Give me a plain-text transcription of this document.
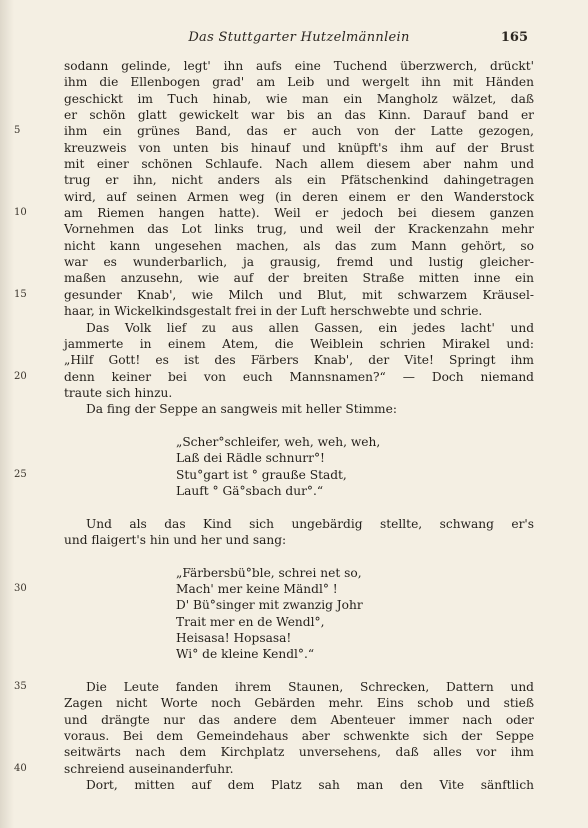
Das Stuttgarter Hutzelmännlein	165
sodann gelinde, legt' ihn aufs eine Tuchend überzwerch, drückt'
ihm die Ellenbogen grad' am Leib und wergelt ihn mit Händen
geschickt im Tuch hinab, wie man ein Mangholz wälzet, daß
er schön glatt gewickelt war bis an das Kinn. Darauf band er
5	ihm ein grünes Band, das er auch von der Latte gezogen,
kreuzweis von unten bis hinauf und knüpft's ihm auf der Brust
mit einer schönen Schlaufe. Nach allem diesem aber nahm und
trug er ihn, nicht anders als ein Pfätschenkind dahingetragen
wird, auf seinen Armen weg (in deren einem er den Wanderstock
10	am Riemen hangen hatte). Weil er jedoch bei diesem ganzen
Vornehmen das Lot links trug, und weil der Krackenzahn mehr
nicht kann ungesehen machen, als das zum Mann gehört, so
war es wunderbarlich, ja grausig, fremd und lustig gleicher-
maßen anzusehn, wie auf der breiten Straße mitten inne ein
15	gesunder Knab', wie Milch und Blut, mit schwarzem Kräusel-
haar, in Wickelkindsgestalt frei in der Luft herschwebte und schrie.
Das Volk lief zu aus allen Gassen, ein jedes lacht' und
jammerte in einem Atem, die Weiblein schrien Mirakel und:
„Hilf Gott! es ist des Färbers Knab', der Vite! Springt ihm
20	denn keiner bei von euch Mannsnamen?“ — Doch niemand
traute sich hinzu.
Da fing der Seppe an sangweis mit heller Stimme:
„Scher°schleifer, weh, weh, weh,
Laß dei Rädle schnurr°!
25	Stu°gart ist ° grauße Stadt,
Lauft ° Gä°sbach dur°.“
Und als das Kind sich ungebärdig stellte, schwang er's
und flaigert's hin und her und sang:
„Färbersbü°ble, schrei net so,
30	Mach' mer keine Mändl° !
D' Bü°singer mit zwanzig Johr
Trait mer en de Wendl°,
Heisasa! Hopsasa!
Wi° de kleine Kendl°.“
35	Die Leute fanden ihrem Staunen, Schrecken, Dattern und
Zagen nicht Worte noch Gebärden mehr. Eins schob und stieß
und drängte nur das andere dem Abenteuer immer nach oder
voraus. Bei dem Gemeindehaus aber schwenkte sich der Seppe
seitwärts nach dem Kirchplatz unversehens, daß alles vor ihm
40	schreiend auseinanderfuhr.
Dort, mitten auf dem Platz sah man den Vite sänftlich
